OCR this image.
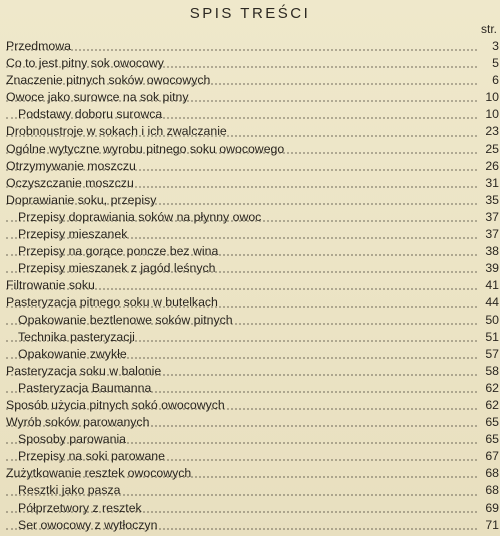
SPIS TREŚCI
str.
Przedmowa	3
Co to jest pitny sok owocowy	5
Znaczenie pitnych soków owocowych	6
Owoce jako surowce na sok pitny	10
Podstawy doboru surowca	10
Drobnoustroje w sokach i ich zwalczanie	23
Ogólne wytyczne wyrobu pitnego soku owocowego	25
Otrzymywanie moszczu	26
Oczyszczanie moszczu	31
Doprawianie soku, przepisy	35
Przepisy doprawiania soków na płynny owoc	37
Przepisy mieszanek	37
Przepisy na gorące poncze bez wina	38
Przepisy mieszanek z jagód leśnych	39
Filtrowanie soku	41
Pasteryzacja pitnego soku w butelkach	44
Opakowanie beztlenowe soków pitnych	50
Technika pasteryzacji	51
Opakowanie zwykłe	57
Pasteryzacja soku w balonie	58
Pasteryzacja Baumanna	62
Sposób użycia pitnych sokó owocowych	62
Wyrób soków parowanych	65
Sposoby parowania	65
Przepisy na soki parowane	67
Zużytkowanie resztek owocowych	68
Resztki jako pasza	68
Półprzetwory z resztek	69
Ser owocowy z wytłoczyn	71
